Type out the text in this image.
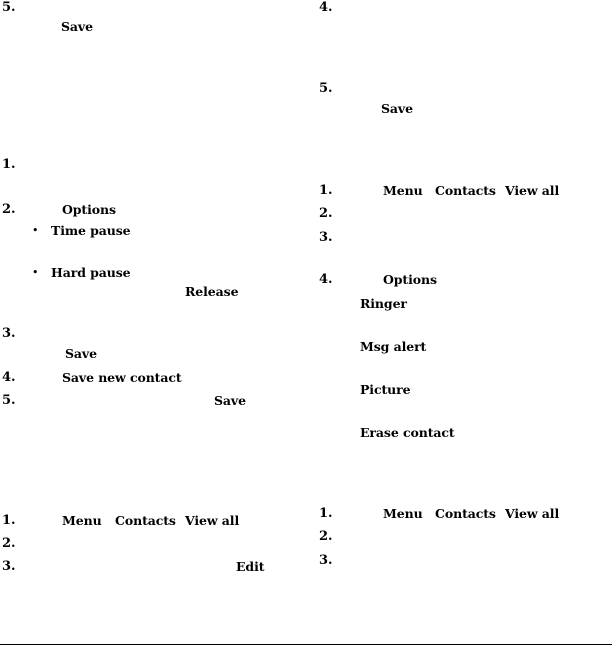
5.
Save
1.
2.	Options
• Time pause
• Hard pause
Release
3.
Save
4.	Save new contact
5.	Save
1.	Menu Contacts View all
2.
3.	Edit
4.
5.
Save
1.	Menu Contacts View all
2.
3.
4.	Options
Ringer
Msg alert
Picture
Erase contact
1.	Menu Contacts View all
2.
3.
